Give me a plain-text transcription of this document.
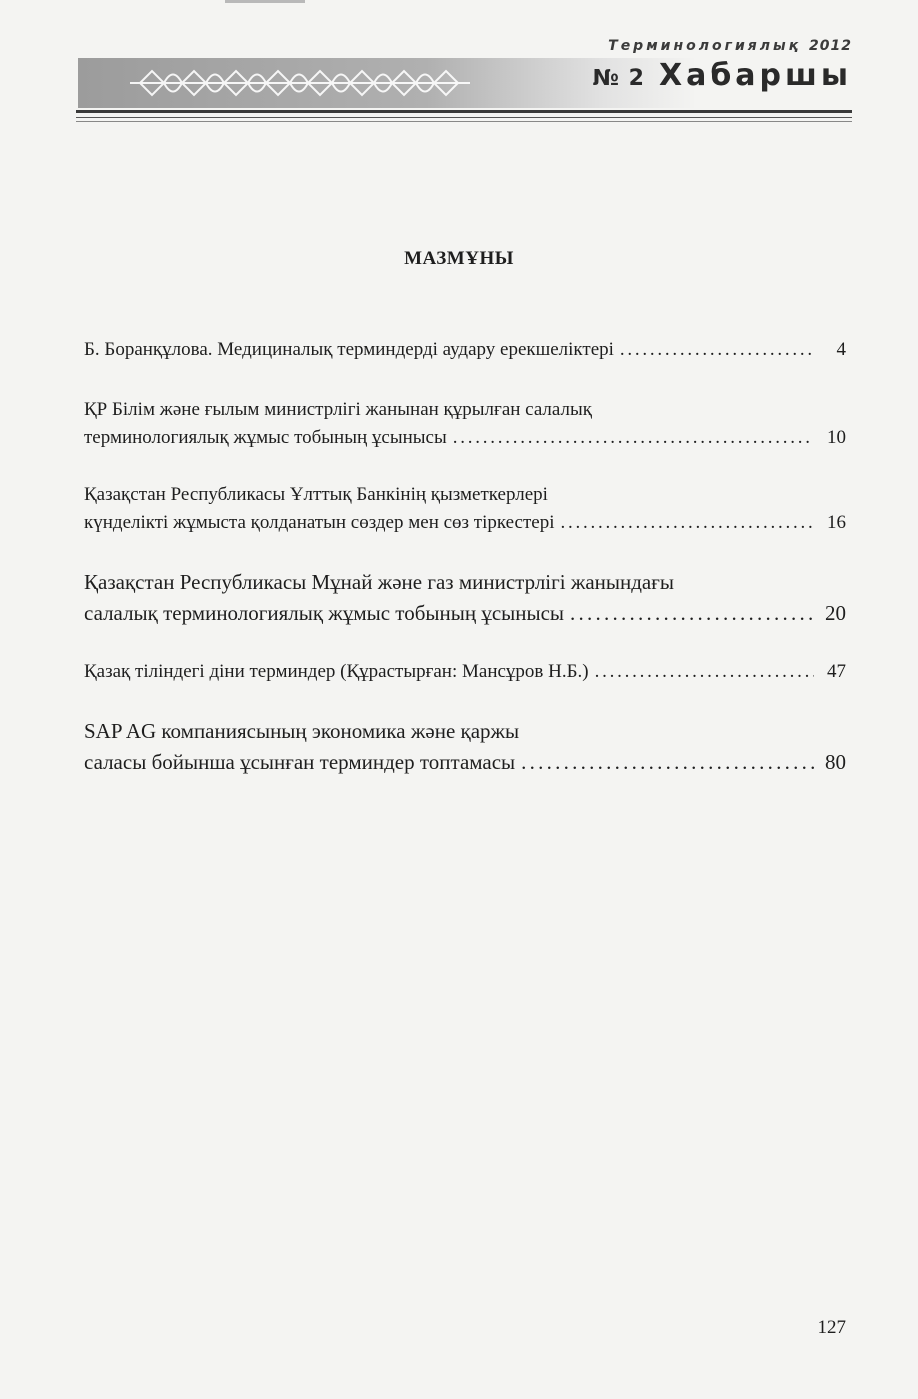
Терминологиялық 2012
№ 2 Хабаршы
МАЗМҰНЫ
Б. Боранқұлова. Медициналық терминдерді аудару ерекшеліктері . . .	4
ҚР Білім және ғылым министрлігі жанынан құрылған салалық
терминологиялық жұмыс тобының ұсынысы . . .	10
Қазақстан Республикасы Ұлттық Банкінің қызметкерлері
күнделікті жұмыста қолданатын сөздер мен сөз тіркестері . . .	16
Қазақстан Республикасы Мұнай және газ министрлігі жанындағы
салалық терминологиялық жұмыс тобының ұсынысы . . .	20
Қазақ тіліндегі діни терминдер (Құрастырған: Мансұров Н.Б.) . . .	47
SAP AG компаниясының экономика және қаржы
саласы бойынша ұсынған терминдер топтамасы . . .	80
127
